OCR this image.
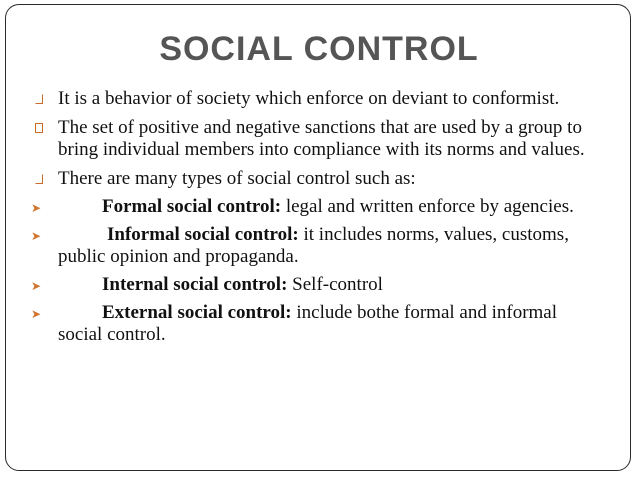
SOCIAL CONTROL
It is a behavior of society which enforce on deviant to conformist.
The set of positive and negative sanctions that are used by a group to bring individual members into compliance with its norms and values.
There are many types of social control such as:
➤	Formal social control: legal and written enforce by agencies.
➤	Informal social control: it includes norms, values, customs, public opinion and propaganda.
➤	Internal social control: Self-control
➤	External social control: include bothe formal and informal social control.
